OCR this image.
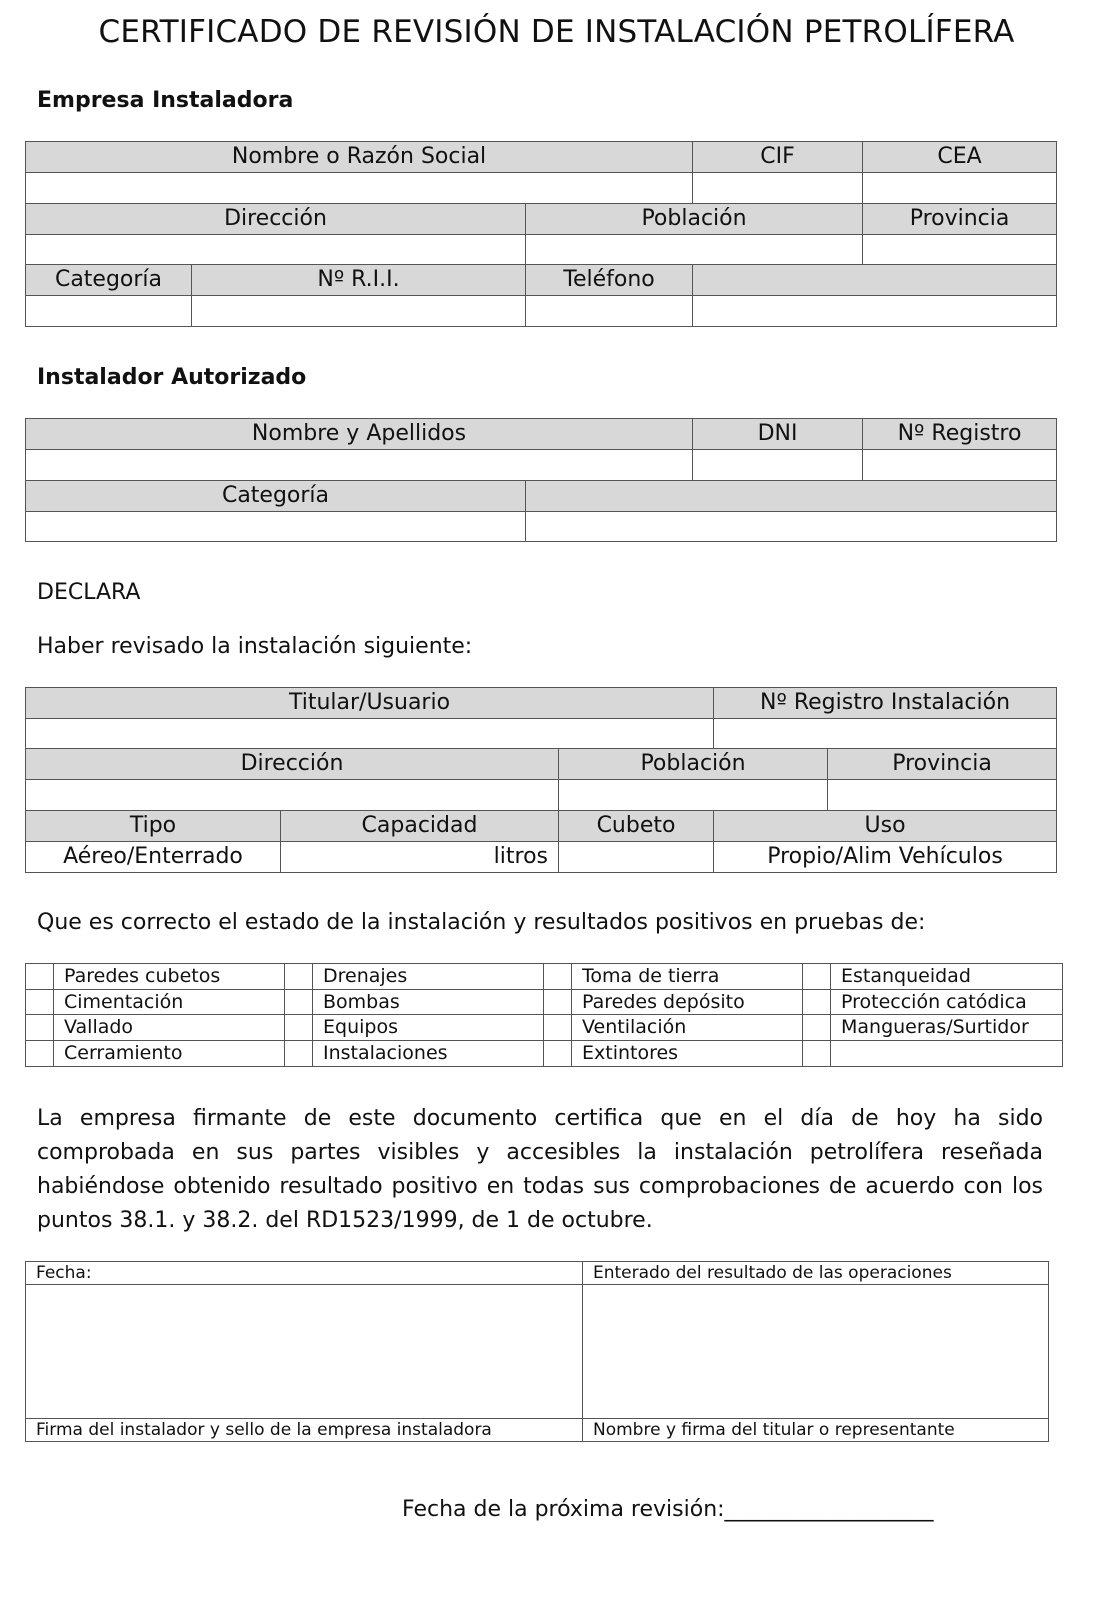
CERTIFICADO DE REVISIÓN DE INSTALACIÓN PETROLÍFERA
Empresa Instaladora
Nombre o Razón Social			CIF	CEA

Dirección		Población		Provincia

Categoría	Nº R.I.I.	Teléfono		

Instalador Autorizado
Nombre y Apellidos		DNI	Nº Registro

Categoría			

DECLARA
Haber revisado la instalación siguiente:
Titular/Usuario			Nº Registro Instalación	

Dirección		Población		Provincia

Tipo	Capacidad	Cubeto	Uso	
Aéreo/Enterrado	litros		Propio/Alim Vehículos	
Que es correcto el estado de la instalación y resultados positivos en pruebas de:
	Paredes cubetos		Drenajes		Toma de tierra		Estanqueidad
	Cimentación		Bombas		Paredes depósito		Protección catódica
	Vallado		Equipos		Ventilación		Mangueras/Surtidor
	Cerramiento		Instalaciones		Extintores		
La empresa firmante de este documento certifica que en el día de hoy ha sido comprobada en sus partes visibles y accesibles la instalación petrolífera reseñada habiéndose obtenido resultado positivo en todas sus comprobaciones de acuerdo con los puntos 38.1. y 38.2. del RD1523/1999, de 1 de octubre.
Fecha:	Enterado del resultado de las operaciones

Firma del instalador y sello de la empresa instaladora	Nombre y firma del titular o representante
Fecha de la próxima revisión:___________________
